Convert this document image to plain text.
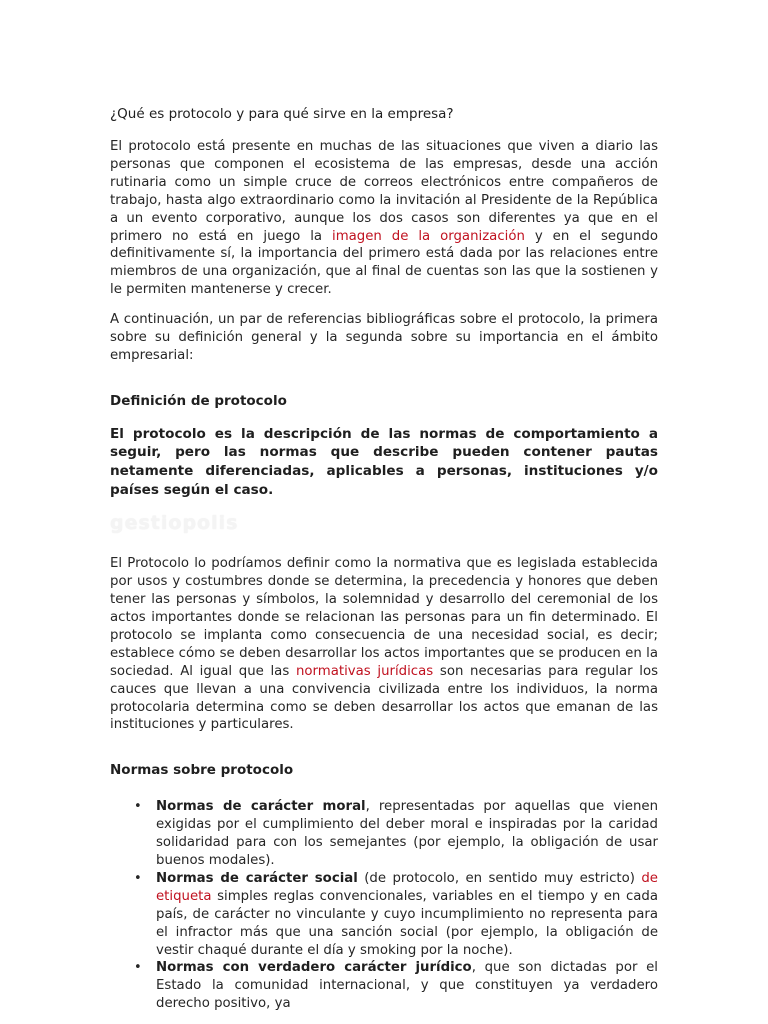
¿Qué es protocolo y para qué sirve en la empresa?

El protocolo está presente en muchas de las situaciones que viven a diario las personas que componen el ecosistema de las empresas, desde una acción rutinaria como un simple cruce de correos electrónicos entre compañeros de trabajo, hasta algo extraordinario como la invitación al Presidente de la República a un evento corporativo, aunque los dos casos son diferentes ya que en el primero no está en juego la imagen de la organización y en el segundo definitivamente sí, la importancia del primero está dada por las relaciones entre miembros de una organización, que al final de cuentas son las que la sostienen y le permiten mantenerse y crecer.

A continuación, un par de referencias bibliográficas sobre el protocolo, la primera sobre su definición general y la segunda sobre su importancia en el ámbito empresarial:

Definición de protocolo

El protocolo es la descripción de las normas de comportamiento a seguir, pero las normas que describe pueden contener pautas netamente diferenciadas, aplicables a personas, instituciones y/o países según el caso.

gestiopolis

El Protocolo lo podríamos definir como la normativa que es legislada establecida por usos y costumbres donde se determina, la precedencia y honores que deben tener las personas y símbolos, la solemnidad y desarrollo del ceremonial de los actos importantes donde se relacionan las personas para un fin determinado. El protocolo se implanta como consecuencia de una necesidad social, es decir; establece cómo se deben desarrollar los actos importantes que se producen en la sociedad. Al igual que las normativas jurídicas son necesarias para regular los cauces que llevan a una convivencia civilizada entre los individuos, la norma protocolaria determina como se deben desarrollar los actos que emanan de las instituciones y particulares.

Normas sobre protocolo
• Normas de carácter moral, representadas por aquellas que vienen exigidas por el cumplimiento del deber moral e inspiradas por la caridad solidaridad para con los semejantes (por ejemplo, la obligación de usar buenos modales).
• Normas de carácter social (de protocolo, en sentido muy estricto) de etiqueta simples reglas convencionales, variables en el tiempo y en cada país, de carácter no vinculante y cuyo incumplimiento no representa para el infractor más que una sanción social (por ejemplo, la obligación de vestir chaqué durante el día y smoking por la noche).
• Normas con verdadero carácter jurídico, que son dictadas por el Estado la comunidad internacional, y que constituyen ya verdadero derecho positivo, ya
